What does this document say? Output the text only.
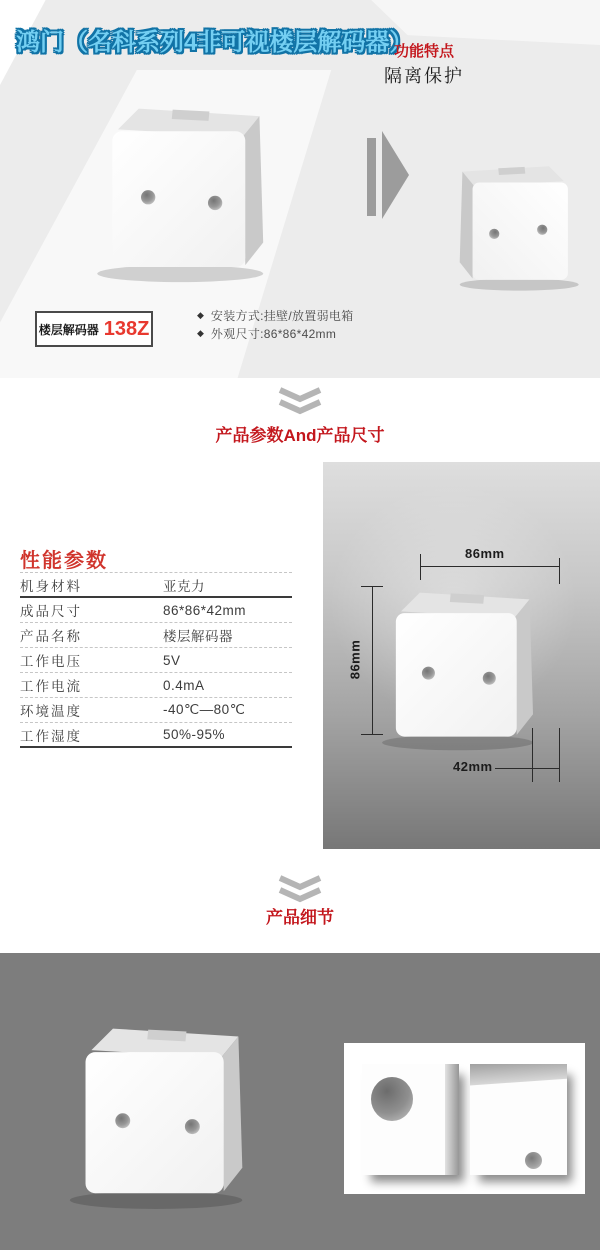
鸿门（名科系列4非可视楼层解码器）
功能特点
隔离保护
楼层解码器 138Z
◆ 安装方式:挂壁/放置弱电箱
◆ 外观尺寸:86*86*42mm
产品参数And产品尺寸
性能参数
机身材料	亚克力
成品尺寸	86*86*42mm
产品名称	楼层解码器
工作电压	5V
工作电流	0.4mA
环境温度	-40℃—80℃
工作湿度	50%-95%
86mm
86mm
42mm
产品细节
